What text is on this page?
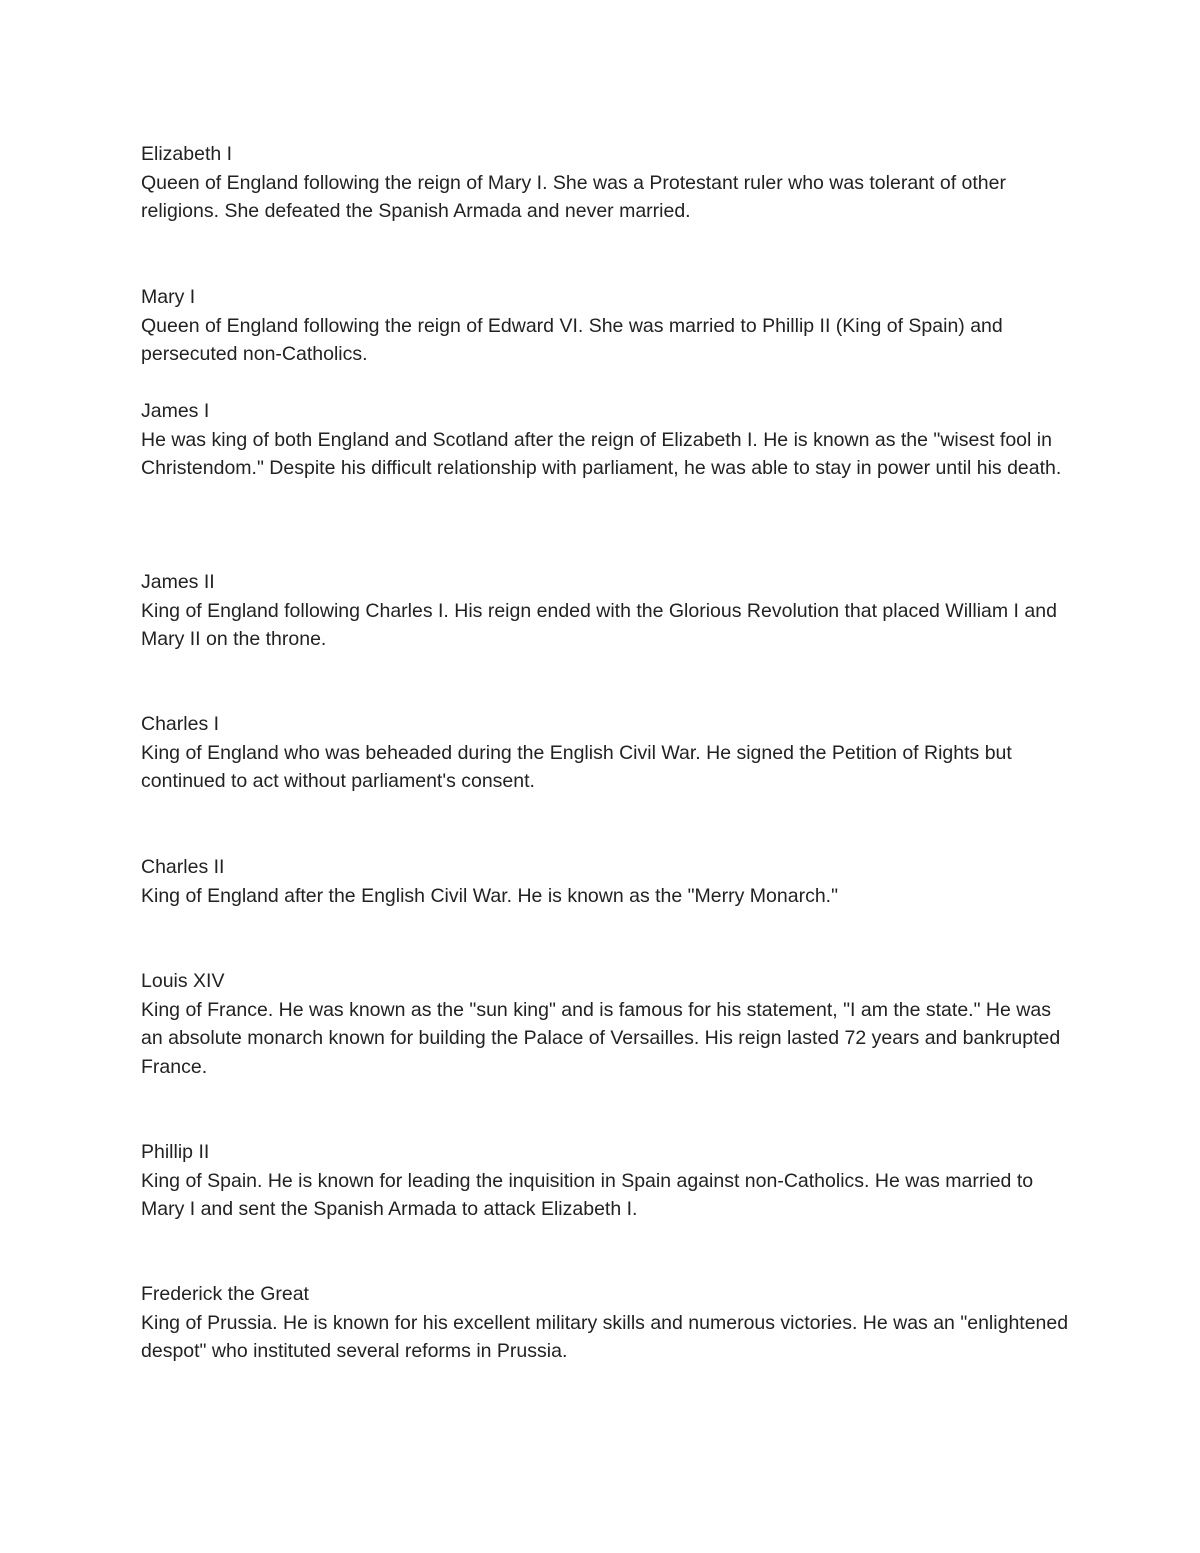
Elizabeth I
Queen of England following the reign of Mary I. She was a Protestant ruler who was tolerant of other religions. She defeated the Spanish Armada and never married.
Mary I
Queen of England following the reign of Edward VI. She was married to Phillip II (King of Spain) and persecuted non-Catholics.
James I
He was king of both England and Scotland after the reign of Elizabeth I. He is known as the "wisest fool in Christendom." Despite his difficult relationship with parliament, he was able to stay in power until his death.
James II
King of England following Charles I. His reign ended with the Glorious Revolution that placed William I and Mary II on the throne.
Charles I
King of England who was beheaded during the English Civil War. He signed the Petition of Rights but continued to act without parliament's consent.
Charles II
King of England after the English Civil War. He is known as the "Merry Monarch."
Louis XIV
King of France. He was known as the "sun king" and is famous for his statement, "I am the state." He was an absolute monarch known for building the Palace of Versailles. His reign lasted 72 years and bankrupted France.
Phillip II
King of Spain. He is known for leading the inquisition in Spain against non-Catholics. He was married to Mary I and sent the Spanish Armada to attack Elizabeth I.
Frederick the Great
King of Prussia. He is known for his excellent military skills and numerous victories. He was an "enlightened despot" who instituted several reforms in Prussia.
